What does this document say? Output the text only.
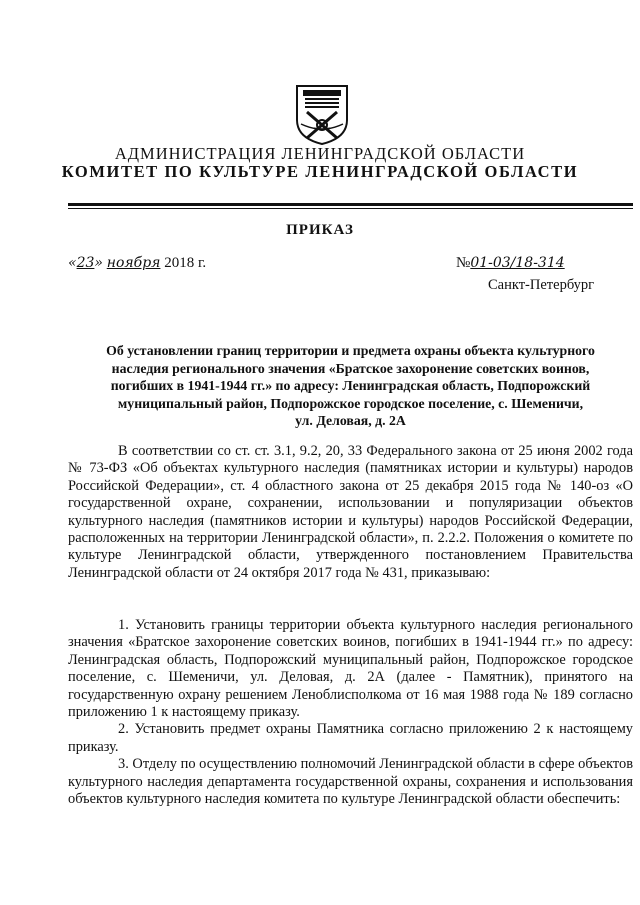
АДМИНИСТРАЦИЯ ЛЕНИНГРАДСКОЙ ОБЛАСТИ
КОМИТЕТ ПО КУЛЬТУРЕ ЛЕНИНГРАДСКОЙ ОБЛАСТИ
ПРИКАЗ
«23» ноября 2018 г.	№01-03/18-314
Санкт-Петербург
Об установлении границ территории и предмета охраны объекта культурного
наследия регионального значения «Братское захоронение советских воинов,
погибших в 1941-1944 гг.» по адресу: Ленинградская область, Подпорожский
муниципальный район, Подпорожское городское поселение, с. Шеменичи,
ул. Деловая, д. 2А

В соответствии со ст. ст. 3.1, 9.2, 20, 33 Федерального закона от 25 июня 2002 года № 73-ФЗ «Об объектах культурного наследия (памятниках истории и культуры) народов Российской Федерации», ст. 4 областного закона от 25 декабря 2015 года № 140-оз «О государственной охране, сохранении, использовании и популяризации объектов культурного наследия (памятников истории и культуры) народов Российской Федерации, расположенных на территории Ленинградской области», п. 2.2.2. Положения о комитете по культуре Ленинградской области, утвержденного постановлением Правительства Ленинградской области от 24 октября 2017 года № 431, приказываю:

1. Установить границы территории объекта культурного наследия регионального значения «Братское захоронение советских воинов, погибших в 1941-1944 гг.» по адресу: Ленинградская область, Подпорожский муниципальный район, Подпорожское городское поселение, с. Шеменичи, ул. Деловая, д. 2А (далее - Памятник), принятого на государственную охрану решением Леноблисполкома от 16 мая 1988 года № 189 согласно приложению 1 к настоящему приказу.

2. Установить предмет охраны Памятника согласно приложению 2 к настоящему приказу.

3. Отделу по осуществлению полномочий Ленинградской области в сфере объектов культурного наследия департамента государственной охраны, сохранения и использования объектов культурного наследия комитета по культуре Ленинградской области обеспечить:
